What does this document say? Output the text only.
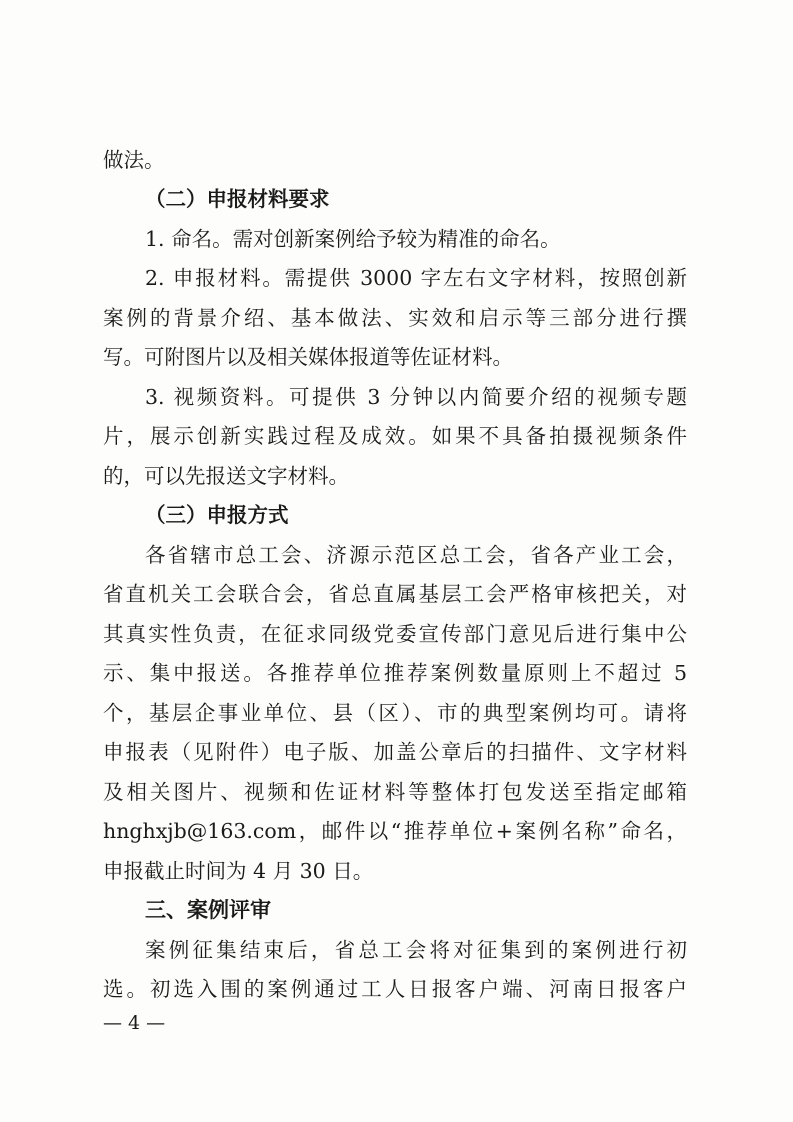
做法。

（二）申报材料要求

1. 命名。需对创新案例给予较为精准的命名。

2. 申报材料。需提供 3000 字左右文字材料，按照创新

案例的背景介绍、基本做法、实效和启示等三部分进行撰

写。可附图片以及相关媒体报道等佐证材料。

3. 视频资料。可提供 3 分钟以内简要介绍的视频专题

片，展示创新实践过程及成效。如果不具备拍摄视频条件

的，可以先报送文字材料。

（三）申报方式

各省辖市总工会、济源示范区总工会，省各产业工会，

省直机关工会联合会，省总直属基层工会严格审核把关，对

其真实性负责，在征求同级党委宣传部门意见后进行集中公

示、集中报送。各推荐单位推荐案例数量原则上不超过 5

个，基层企事业单位、县（区）、市的典型案例均可。请将

申报表（见附件）电子版、加盖公章后的扫描件、文字材料

及相关图片、视频和佐证材料等整体打包发送至指定邮箱

hnghxjb@163.com，邮件以“推荐单位+案例名称”命名，

申报截止时间为 4 月 30 日。

三、案例评审

案例征集结束后，省总工会将对征集到的案例进行初

选。初选入围的案例通过工人日报客户端、河南日报客户

— 4 —
